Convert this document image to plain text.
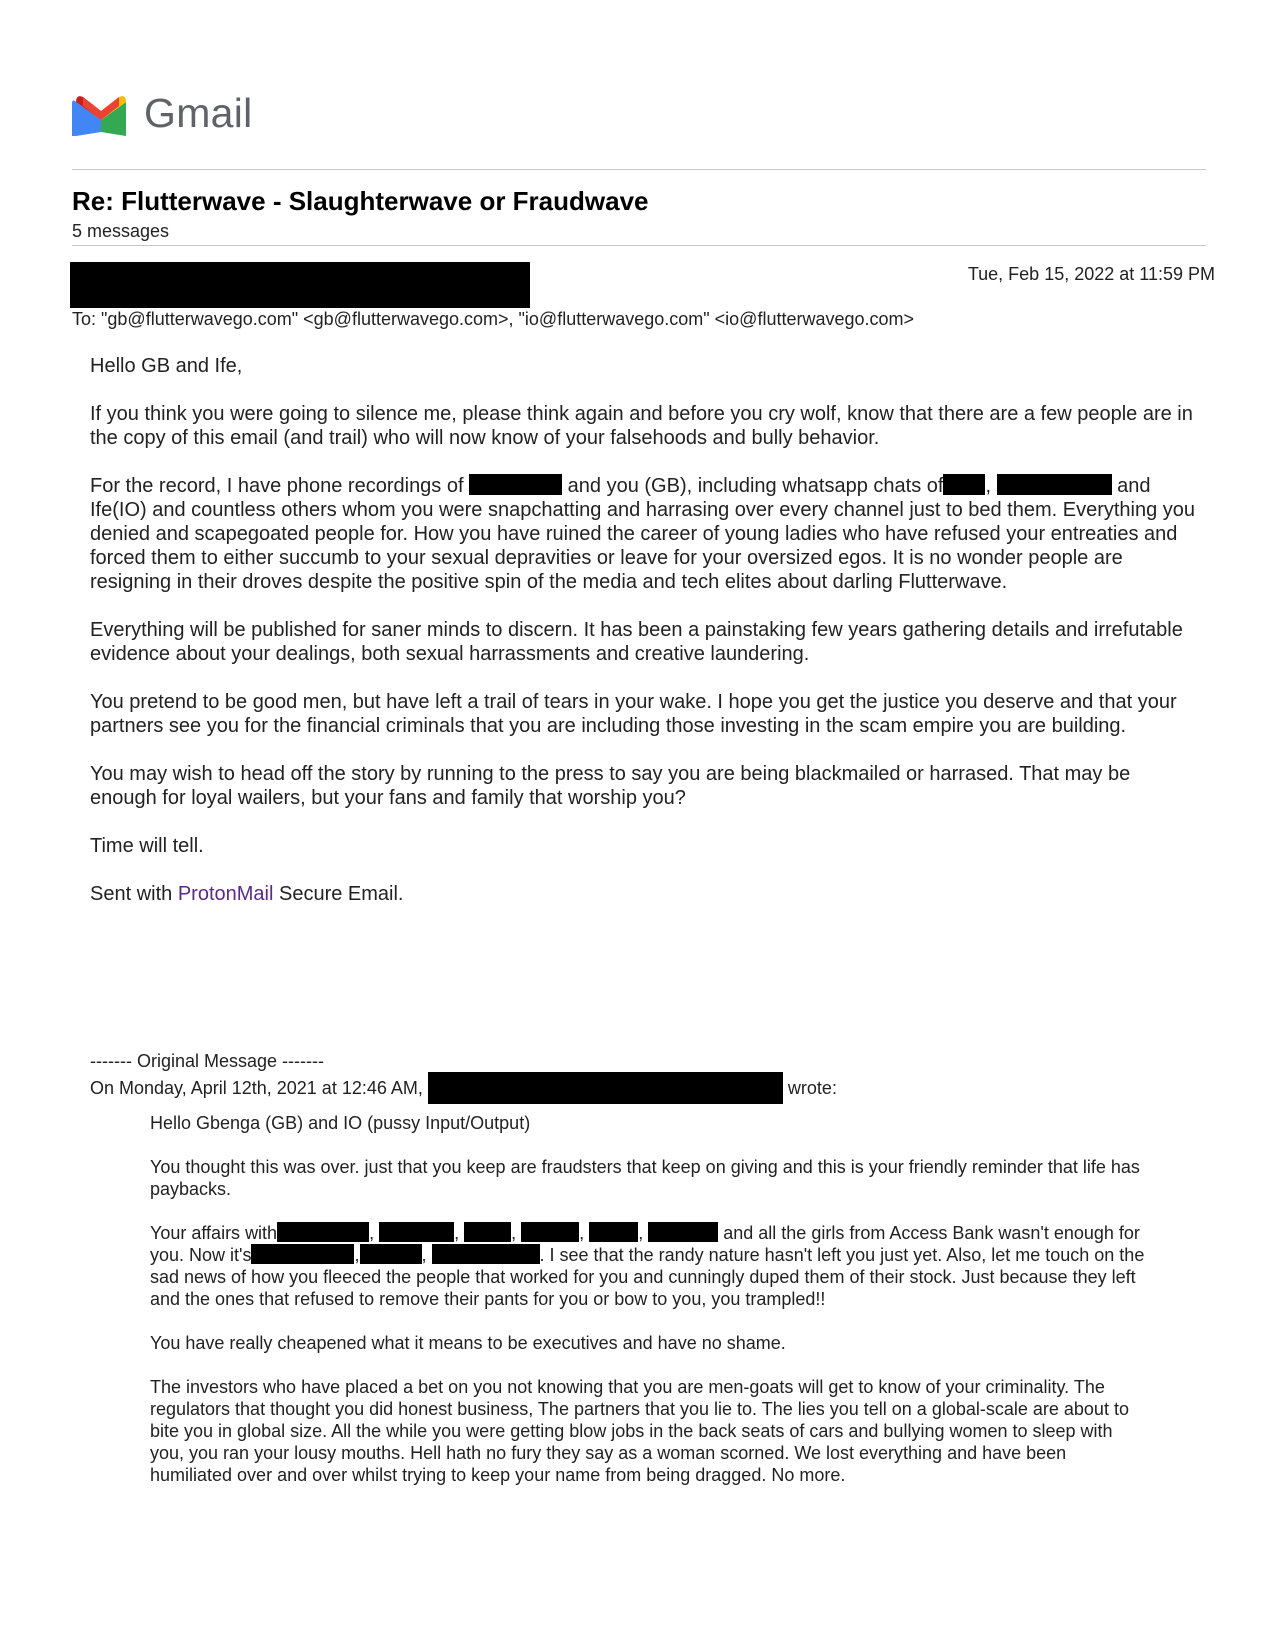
Gmail
Re: Flutterwave - Slaughterwave or Fraudwave
5 messages
Tue, Feb 15, 2022 at 11:59 PM
To: "gb@flutterwavego.com" <gb@flutterwavego.com>, "io@flutterwavego.com" <io@flutterwavego.com>

Hello GB and Ife,

If you think you were going to silence me, please think again and before you cry wolf, know that there are a few people are in the copy of this email (and trail) who will now know of your falsehoods and bully behavior.

For the record, I have phone recordings of	and you (GB), including whatsapp chats of ,	and Ife(IO) and countless others whom you were snapchatting and harrasing over every channel just to bed them. Everything you denied and scapegoated people for. How you have ruined the career of young ladies who have refused your entreaties and forced them to either succumb to your sexual depravities or leave for your oversized egos. It is no wonder people are resigning in their droves despite the positive spin of the media and tech elites about darling Flutterwave.

Everything will be published for saner minds to discern. It has been a painstaking few years gathering details and irrefutable evidence about your dealings, both sexual harrassments and creative laundering.

You pretend to be good men, but have left a trail of tears in your wake. I hope you get the justice you deserve and that your partners see you for the financial criminals that you are including those investing in the scam empire you are building.

You may wish to head off the story by running to the press to say you are being blackmailed or harrased. That may be enough for loyal wailers, but your fans and family that worship you?

Time will tell.

Sent with ProtonMail Secure Email.

------- Original Message -------

On Monday, April 12th, 2021 at 12:46 AM,	wrote:

Hello Gbenga (GB) and IO (pussy Input/Output)

You thought this was over. just that you keep are fraudsters that keep on giving and this is your friendly reminder that life has paybacks.

Your affairs with	,	,	,	,	,	and all the girls from Access Bank wasn't enough for you. Now it's	,	,	. I see that the randy nature hasn't left you just yet. Also, let me touch on the sad news of how you fleeced the people that worked for you and cunningly duped them of their stock. Just because they left and the ones that refused to remove their pants for you or bow to you, you trampled!!

You have really cheapened what it means to be executives and have no shame.

The investors who have placed a bet on you not knowing that you are men-goats will get to know of your criminality. The regulators that thought you did honest business, The partners that you lie to. The lies you tell on a global-scale are about to bite you in global size. All the while you were getting blow jobs in the back seats of cars and bullying women to sleep with you, you ran your lousy mouths. Hell hath no fury they say as a woman scorned. We lost everything and have been humiliated over and over whilst trying to keep your name from being dragged. No more.
